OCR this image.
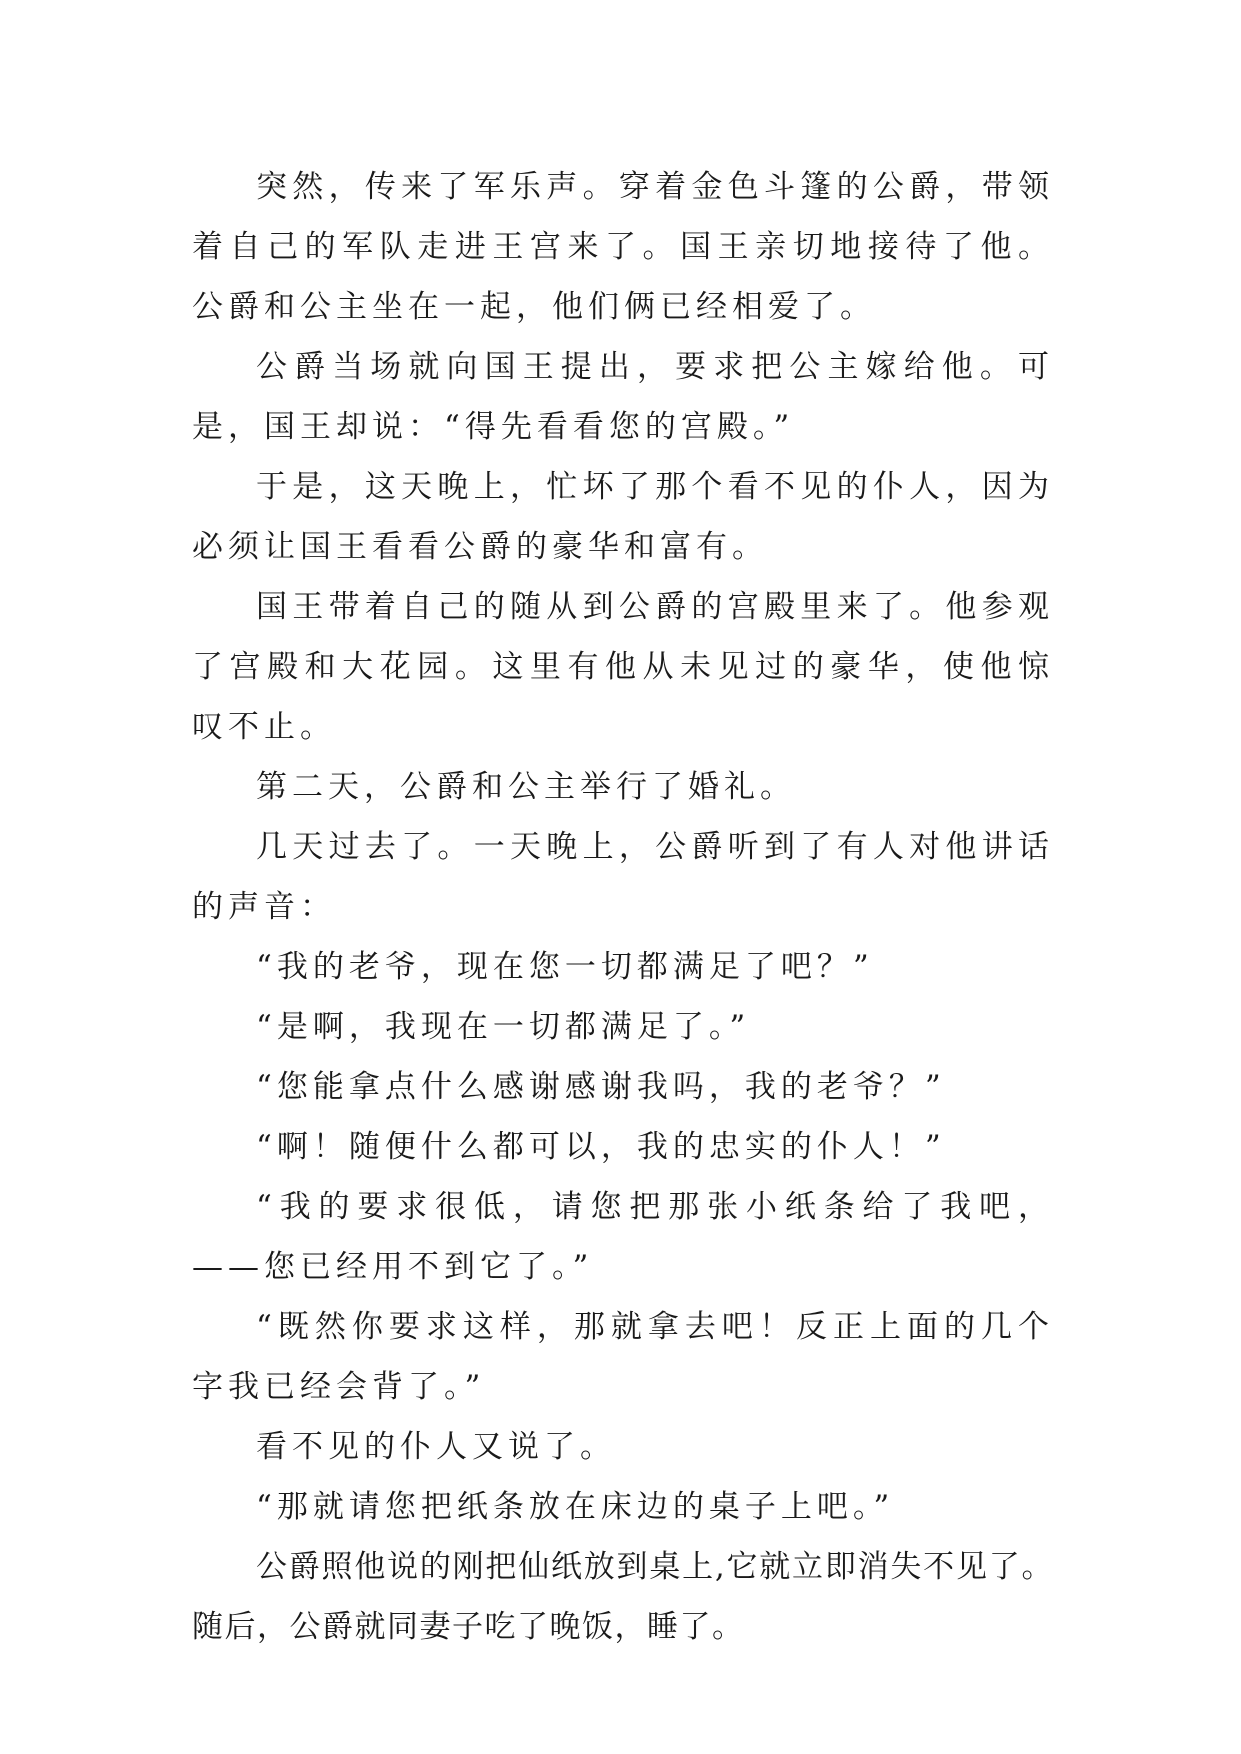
突然，传来了军乐声。穿着金色斗篷的公爵，带领着自己的军队走进王宫来了。国王亲切地接待了他。公爵和公主坐在一起，他们俩已经相爱了。

公爵当场就向国王提出，要求把公主嫁给他。可是，国王却说：“得先看看您的宫殿。”

于是，这天晚上，忙坏了那个看不见的仆人，因为必须让国王看看公爵的豪华和富有。

国王带着自己的随从到公爵的宫殿里来了。他参观了宫殿和大花园。这里有他从未见过的豪华，使他惊叹不止。

第二天，公爵和公主举行了婚礼。

几天过去了。一天晚上，公爵听到了有人对他讲话的声音：

“我的老爷，现在您一切都满足了吧？”

“是啊，我现在一切都满足了。”

“您能拿点什么感谢感谢我吗，我的老爷？”

“啊！随便什么都可以，我的忠实的仆人！”

“我的要求很低，请您把那张小纸条给了我吧，——您已经用不到它了。”

“既然你要求这样，那就拿去吧！反正上面的几个字我已经会背了。”

看不见的仆人又说了。

“那就请您把纸条放在床边的桌子上吧。”

公爵照他说的刚把仙纸放到桌上,它就立即消失不见了。随后，公爵就同妻子吃了晚饭，睡了。
